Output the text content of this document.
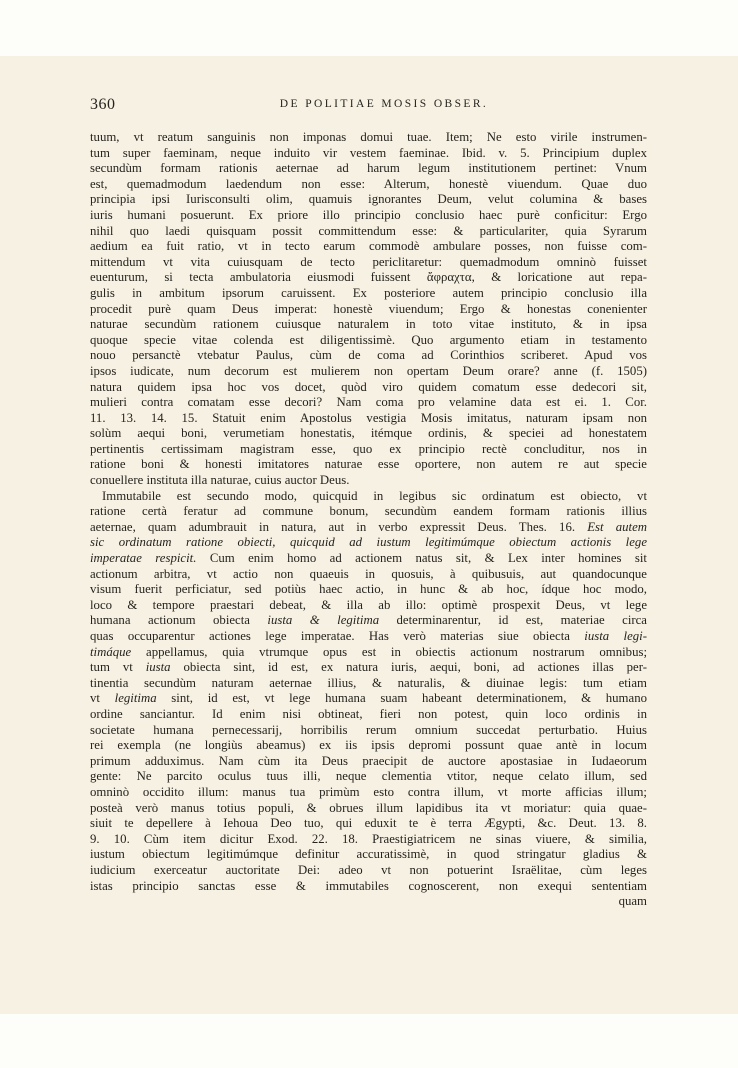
360	DE POLITIAE MOSIS OBSER.

tuum, vt reatum sanguinis non imponas domui tuae. Item; Ne esto virile instrumen-

tum super faeminam, neque induito vir vestem faeminae. Ibid. v. 5. Principium duplex

secundùm formam rationis aeternae ad harum legum institutionem pertinet: Vnum

est, quemadmodum laedendum non esse: Alterum, honestè viuendum. Quae duo

principia ipsi Iurisconsulti olim, quamuis ignorantes Deum, velut columina & bases

iuris humani posuerunt. Ex priore illo principio conclusio haec purè conficitur: Ergo

nihil quo laedi quisquam possit committendum esse: & particulariter, quia Syrarum

aedium ea fuit ratio, vt in tecto earum commodè ambulare posses, non fuisse com-

mittendum vt vita cuiusquam de tecto periclitaretur: quemadmodum omninò fuisset

euenturum, si tecta ambulatoria eiusmodi fuissent ἄφραχτα, & loricatione aut repa-

gulis in ambitum ipsorum caruissent. Ex posteriore autem principio conclusio illa

procedit purè quam Deus imperat: honestè viuendum; Ergo & honestas conenienter

naturae secundùm rationem cuiusque naturalem in toto vitae instituto, & in ipsa

quoque specie vitae colenda est diligentissimè. Quo argumento etiam in testamento

nouo persanctè vtebatur Paulus, cùm de coma ad Corinthios scriberet. Apud vos

ipsos iudicate, num decorum est mulierem non opertam Deum orare? anne (f. 1505)

natura quidem ipsa hoc vos docet, quòd viro quidem comatum esse dedecori sit,

mulieri contra comatam esse decori? Nam coma pro velamine data est ei. 1. Cor.

11. 13. 14. 15. Statuit enim Apostolus vestigia Mosis imitatus, naturam ipsam non

solùm aequi boni, verumetiam honestatis, itémque ordinis, & speciei ad honestatem

pertinentis certissimam magistram esse, quo ex principio rectè concluditur, nos in

ratione boni & honesti imitatores naturae esse oportere, non autem re aut specie

conuellere instituta illa naturae, cuius auctor Deus.

Immutabile est secundo modo, quicquid in legibus sic ordinatum est obiecto, vt

ratione certà feratur ad commune bonum, secundùm eandem formam rationis illius

aeternae, quam adumbrauit in natura, aut in verbo expressit Deus. Thes. 16. Est autem

sic ordinatum ratione obiecti, quicquid ad iustum legitimúmque obiectum actionis lege

imperatae respicit. Cum enim homo ad actionem natus sit, & Lex inter homines sit

actionum arbitra, vt actio non quaeuis in quosuis, à quibusuis, aut quandocunque

visum fuerit perficiatur, sed potiùs haec actio, in hunc & ab hoc, ídque hoc modo,

loco & tempore praestari debeat, & illa ab illo: optimè prospexit Deus, vt lege

humana actionum obiecta iusta & legitima determinarentur, id est, materiae circa

quas occuparentur actiones lege imperatae. Has verò materias siue obiecta iusta legi-

timáque appellamus, quia vtrumque opus est in obiectis actionum nostrarum omnibus;

tum vt iusta obiecta sint, id est, ex natura iuris, aequi, boni, ad actiones illas per-

tinentia secundùm naturam aeternae illius, & naturalis, & diuinae legis: tum etiam

vt legitima sint, id est, vt lege humana suam habeant determinationem, & humano

ordine sanciantur. Id enim nisi obtineat, fieri non potest, quin loco ordinis in

societate humana pernecessarij, horribilis rerum omnium succedat perturbatio. Huius

rei exempla (ne longiùs abeamus) ex iis ipsis depromi possunt quae antè in locum

primum adduximus. Nam cùm ita Deus praecipit de auctore apostasiae in Iudaeorum

gente: Ne parcito oculus tuus illi, neque clementia vtitor, neque celato illum, sed

omninò occidito illum: manus tua primùm esto contra illum, vt morte afficias illum;

posteà verò manus totius populi, & obrues illum lapidibus ita vt moriatur: quia quae-

siuit te depellere à Iehoua Deo tuo, qui eduxit te è terra Ægypti, &c. Deut. 13. 8.

9. 10. Cùm item dicitur Exod. 22. 18. Praestigiatricem ne sinas viuere, & similia,

iustum obiectum legitimúmque definitur accuratissimè, in quod stringatur gladius &

iudicium exerceatur auctoritate Dei: adeo vt non potuerint Israëlitae, cùm leges

istas principio sanctas esse & immutabiles cognoscerent, non exequi sententiam

quam
